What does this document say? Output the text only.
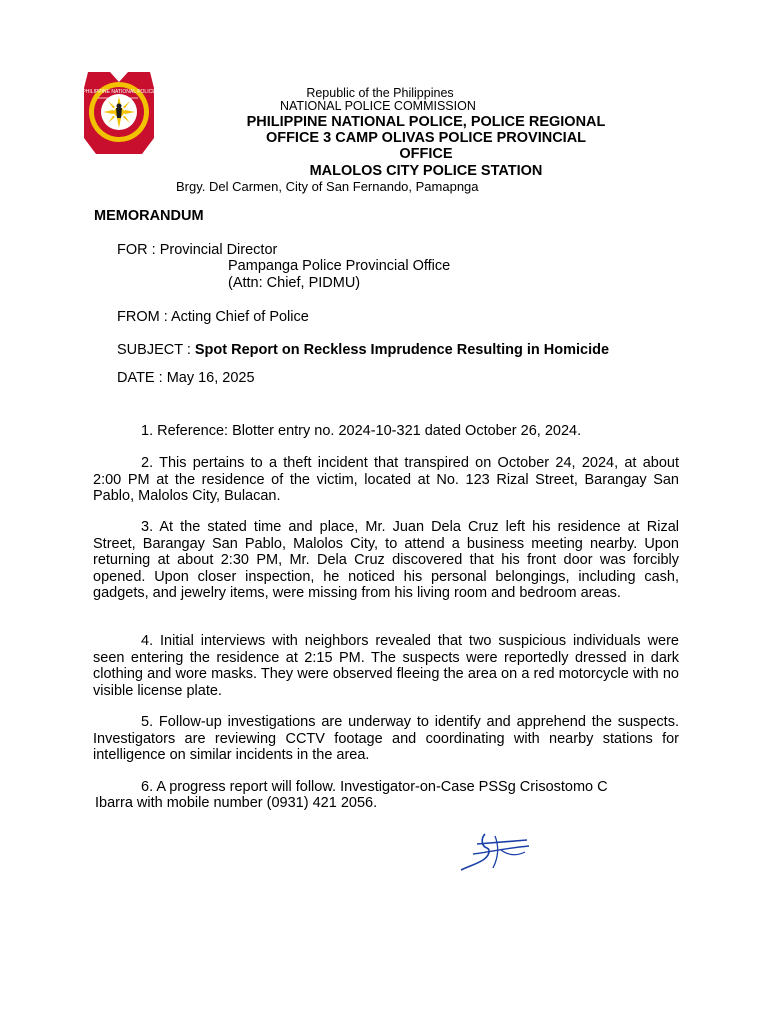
PHILIPPINE NATIONAL POLICE	Republic of the Philippines
NATIONAL POLICE COMMISSION
PHILIPPINE NATIONAL POLICE, POLICE REGIONAL
OFFICE 3 CAMP OLIVAS POLICE PROVINCIAL
OFFICE
MALOLOS CITY POLICE STATION
Brgy. Del Carmen, City of San Fernando, Pamapnga
MEMORANDUM
FOR : Provincial Director
Pampanga Police Provincial Office
(Attn: Chief, PIDMU)
FROM : Acting Chief of Police
SUBJECT : Spot Report on Reckless Imprudence Resulting in Homicide
DATE : May 16, 2025
1. Reference: Blotter entry no. 2024-10-321 dated October 26, 2024.
2. This pertains to a theft incident that transpired on October 24, 2024, at about 2:00 PM at the residence of the victim, located at No. 123 Rizal Street, Barangay San Pablo, Malolos City, Bulacan.
3. At the stated time and place, Mr. Juan Dela Cruz left his residence at Rizal Street, Barangay San Pablo, Malolos City, to attend a business meeting nearby. Upon returning at about 2:30 PM, Mr. Dela Cruz discovered that his front door was forcibly opened. Upon closer inspection, he noticed his personal belongings, including cash, gadgets, and jewelry items, were missing from his living room and bedroom areas.
4. Initial interviews with neighbors revealed that two suspicious individuals were seen entering the residence at 2:15 PM. The suspects were reportedly dressed in dark clothing and wore masks. They were observed fleeing the area on a red motorcycle with no visible license plate.
5. Follow-up investigations are underway to identify and apprehend the suspects. Investigators are reviewing CCTV footage and coordinating with nearby stations for intelligence on similar incidents in the area.
6. A progress report will follow. Investigator-on-Case PSSg Crisostomo C
Ibarra with mobile number (0931) 421 2056.
